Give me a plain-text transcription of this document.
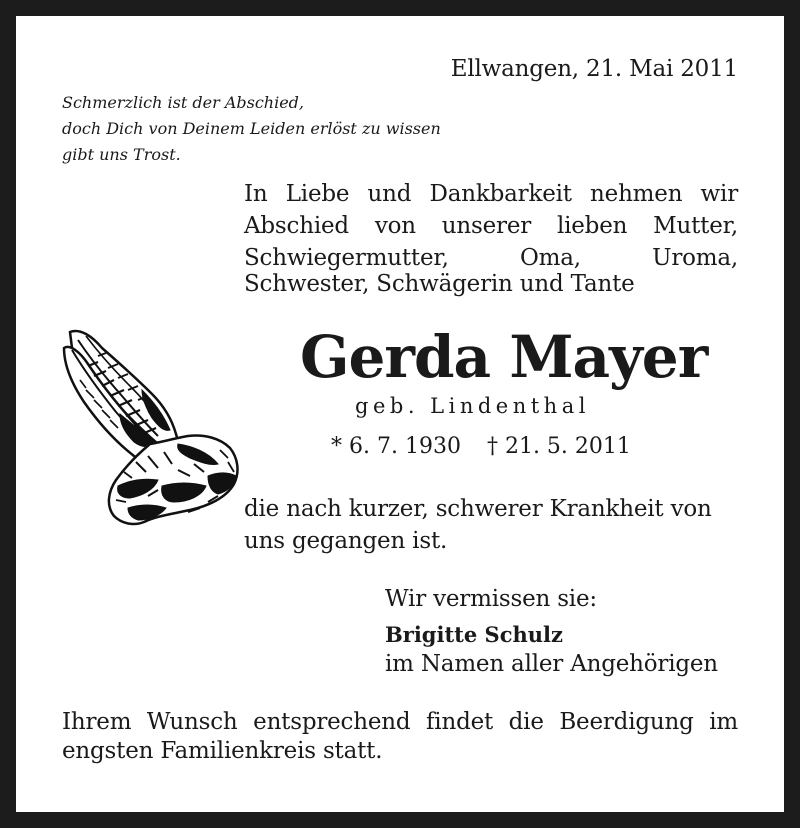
Ellwangen, 21. Mai 2011
Schmerzlich ist der Abschied,
doch Dich von Deinem Leiden erlöst zu wissen
gibt uns Trost.
In Liebe und Dankbarkeit nehmen wir
Abschied von unserer lieben Mutter,
Schwiegermutter, Oma, Uroma,
Schwester, Schwägerin und Tante
Gerda Mayer
geb. Lindenthal
* 6. 7. 1930 † 21. 5. 2011
die nach kurzer, schwerer Krankheit von
uns gegangen ist.
Wir vermissen sie:
Brigitte Schulz
im Namen aller Angehörigen
Ihrem Wunsch entsprechend findet die Beerdigung im
engsten Familienkreis statt.
